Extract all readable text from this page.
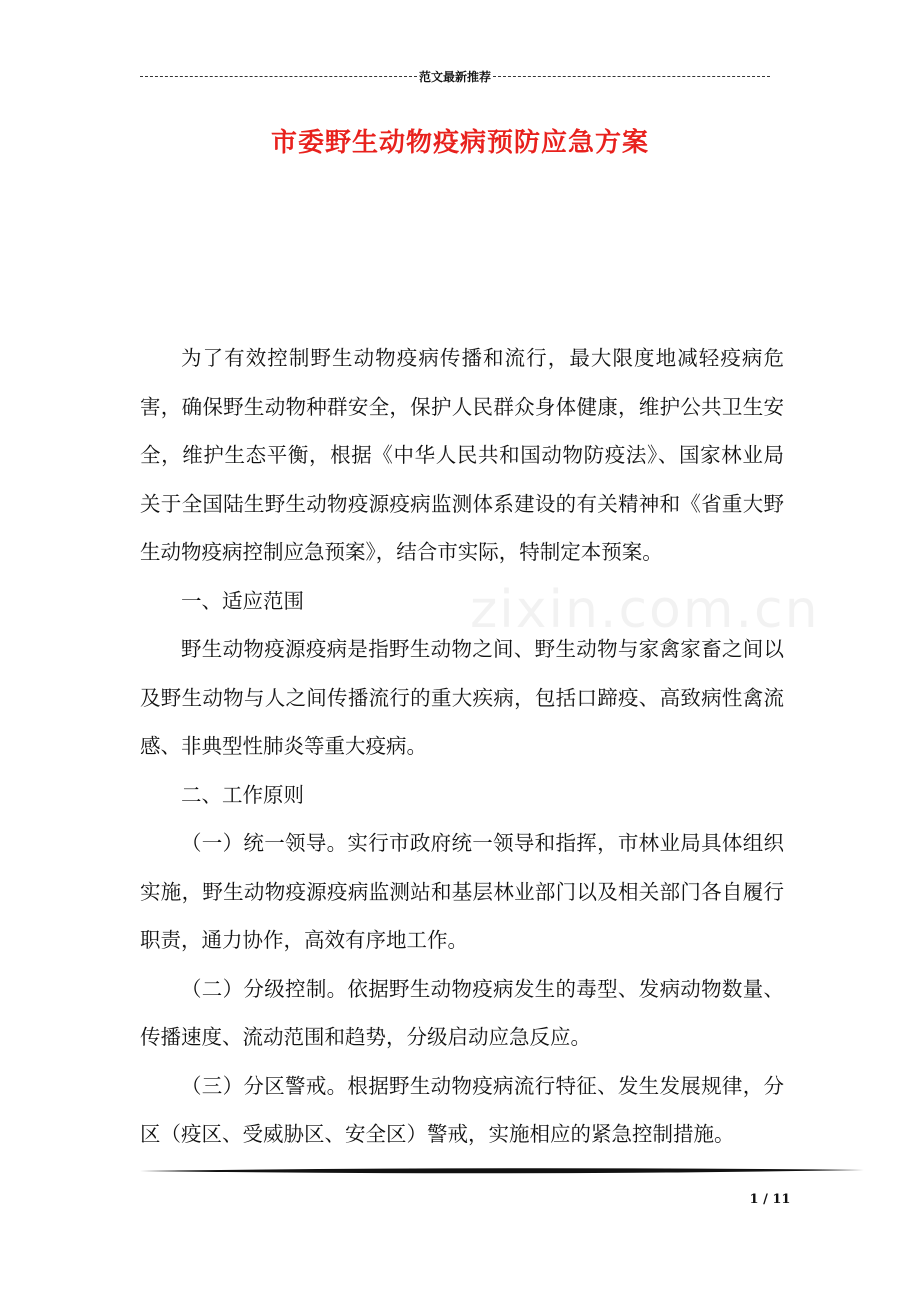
范文最新推荐
市委野生动物疫病预防应急方案
zixin.com.cn

为了有效控制野生动物疫病传播和流行，最大限度地减轻疫病危害，确保野生动物种群安全，保护人民群众身体健康，维护公共卫生安全，维护生态平衡，根据《中华人民共和国动物防疫法》、国家林业局关于全国陆生野生动物疫源疫病监测体系建设的有关精神和《省重大野生动物疫病控制应急预案》，结合市实际，特制定本预案。

一、适应范围

野生动物疫源疫病是指野生动物之间、野生动物与家禽家畜之间以及野生动物与人之间传播流行的重大疾病，包括口蹄疫、高致病性禽流感、非典型性肺炎等重大疫病。

二、工作原则

（一）统一领导。实行市政府统一领导和指挥，市林业局具体组织实施，野生动物疫源疫病监测站和基层林业部门以及相关部门各自履行职责，通力协作，高效有序地工作。

（二）分级控制。依据野生动物疫病发生的毒型、发病动物数量、传播速度、流动范围和趋势，分级启动应急反应。

（三）分区警戒。根据野生动物疫病流行特征、发生发展规律，分区（疫区、受威胁区、安全区）警戒，实施相应的紧急控制措施。

1 / 11
